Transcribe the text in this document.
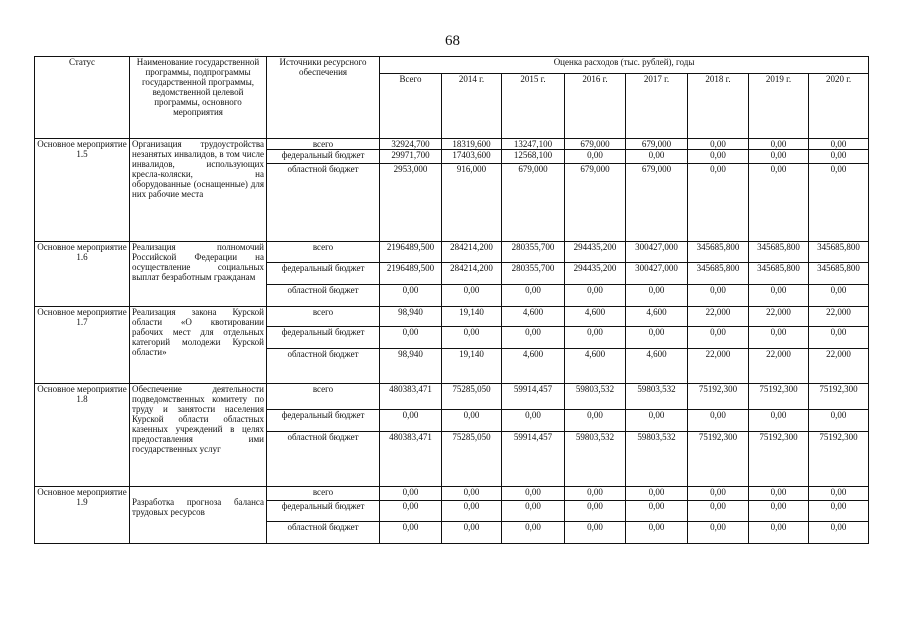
68
Статус	Наименование государственной программы, подпрограммы государственной программы, ведомственной целевой программы, основного мероприятия	Источники ресурсного обеспечения	Оценка расходов (тыс. рублей), годы							
			Всего	2014 г.	2015 г.	2016 г.	2017 г.	2018 г.	2019 г.	2020 г.
Основное мероприятие 1.5	Организация трудоустройства незанятых инвалидов, в том числе инвалидов, использующих кресла-коляски, на оборудованные (оснащенные) для них рабочие места	всего	32924,700	18319,600	13247,100	679,000	679,000	0,00	0,00	0,00
		федеральный бюджет	29971,700	17403,600	12568,100	0,00	0,00	0,00	0,00	0,00
		областной бюджет	2953,000	916,000	679,000	679,000	679,000	0,00	0,00	0,00
Основное мероприятие 1.6	Реализация полномочий Российской Федерации на осуществление социальных выплат безработным гражданам	всего	2196489,500	284214,200	280355,700	294435,200	300427,000	345685,800	345685,800	345685,800
		федеральный бюджет	2196489,500	284214,200	280355,700	294435,200	300427,000	345685,800	345685,800	345685,800
		областной бюджет	0,00	0,00	0,00	0,00	0,00	0,00	0,00	0,00
Основное мероприятие 1.7	Реализация закона Курской области «О квотировании рабочих мест для отдельных категорий молодежи Курской области»	всего	98,940	19,140	4,600	4,600	4,600	22,000	22,000	22,000
		федеральный бюджет	0,00	0,00	0,00	0,00	0,00	0,00	0,00	0,00
		областной бюджет	98,940	19,140	4,600	4,600	4,600	22,000	22,000	22,000
Основное мероприятие 1.8	Обеспечение деятельности подведомственных комитету по труду и занятости населения Курской области областных казенных учреждений в целях предоставления ими государственных услуг	всего	480383,471	75285,050	59914,457	59803,532	59803,532	75192,300	75192,300	75192,300
		федеральный бюджет	0,00	0,00	0,00	0,00	0,00	0,00	0,00	0,00
		областной бюджет	480383,471	75285,050	59914,457	59803,532	59803,532	75192,300	75192,300	75192,300
Основное мероприятие 1.9	Разработка прогноза баланса трудовых ресурсов	всего	0,00	0,00	0,00	0,00	0,00	0,00	0,00	0,00
		федеральный бюджет	0,00	0,00	0,00	0,00	0,00	0,00	0,00	0,00
		областной бюджет	0,00	0,00	0,00	0,00	0,00	0,00	0,00	0,00
